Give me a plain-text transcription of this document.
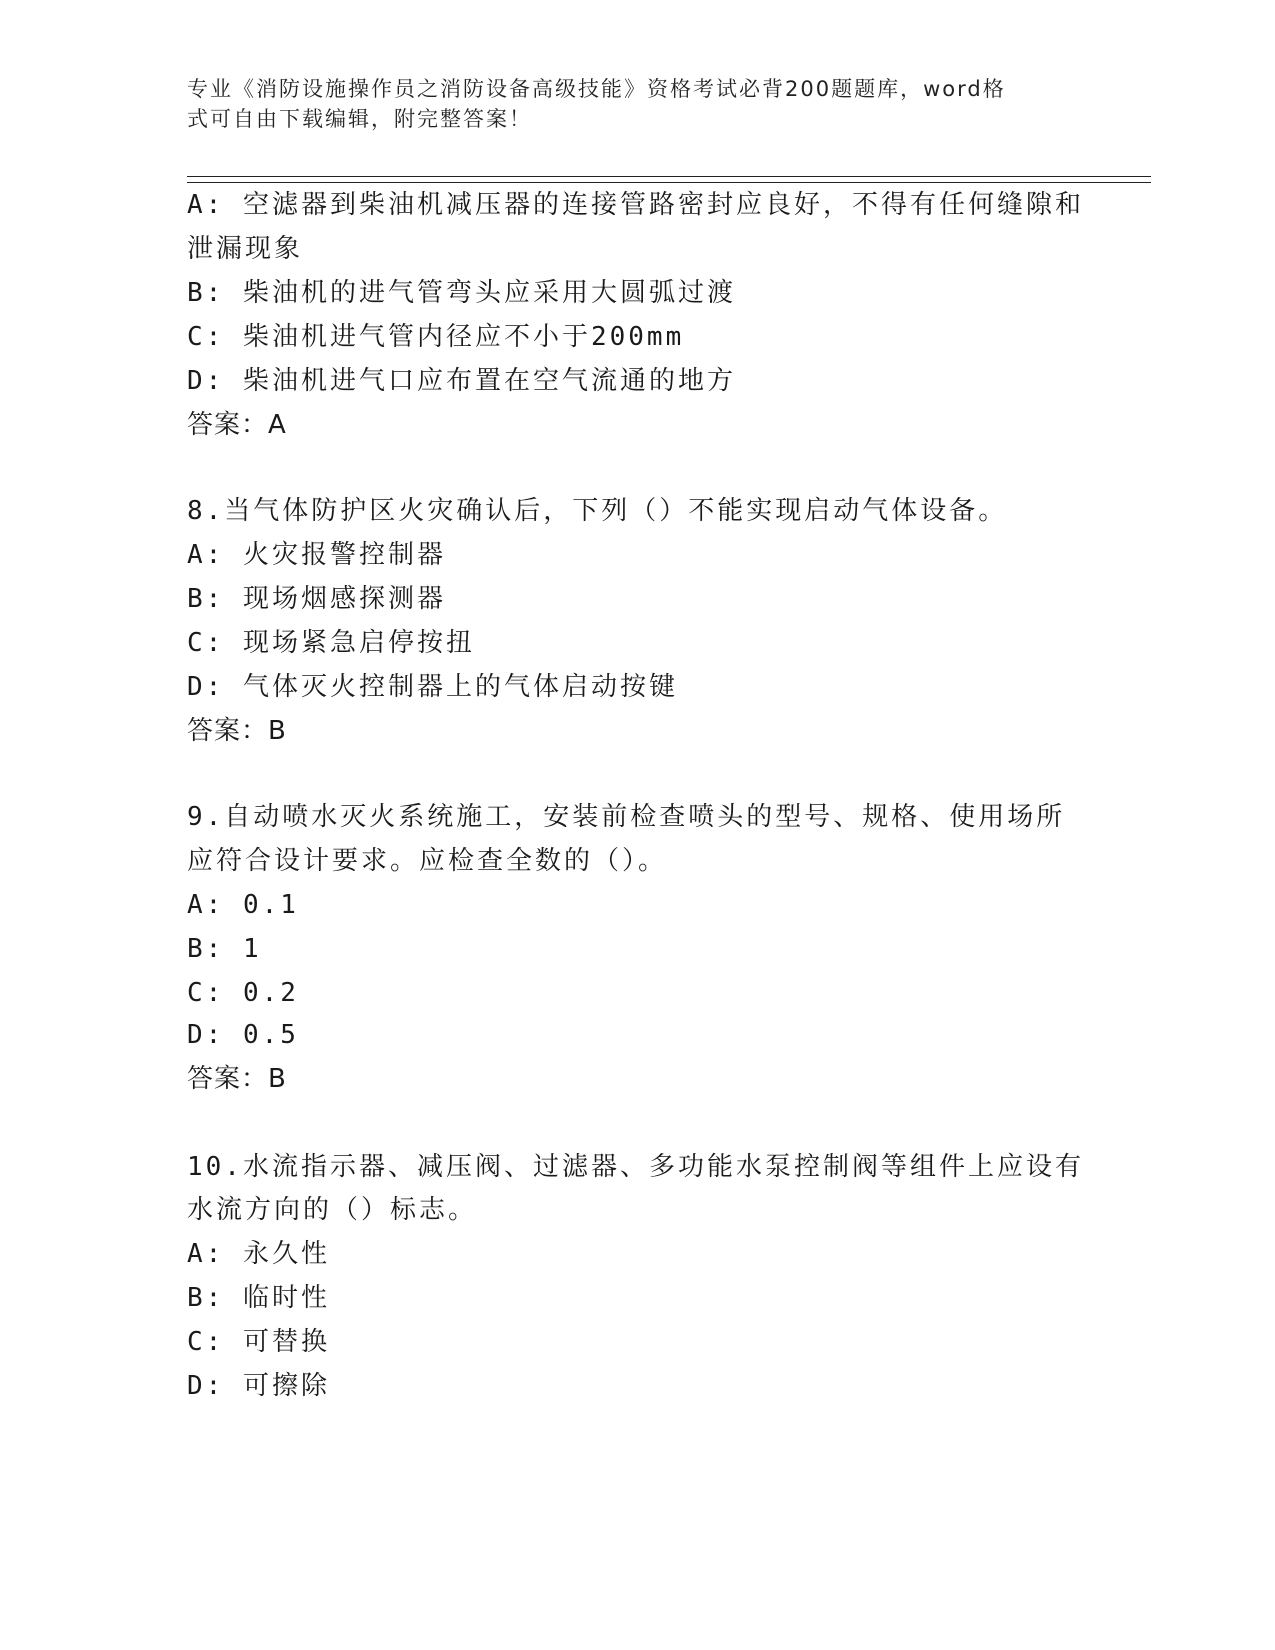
专业《消防设施操作员之消防设备高级技能》资格考试必背200题题库，word格
式可自由下载编辑，附完整答案！
A: 空滤器到柴油机减压器的连接管路密封应良好，不得有任何缝隙和
泄漏现象
B: 柴油机的进气管弯头应采用大圆弧过渡
C: 柴油机进气管内径应不小于200mm
D: 柴油机进气口应布置在空气流通的地方
答案：A
8.当气体防护区火灾确认后，下列（）不能实现启动气体设备。
A: 火灾报警控制器
B: 现场烟感探测器
C: 现场紧急启停按扭
D: 气体灭火控制器上的气体启动按键
答案：B
9.自动喷水灭火系统施工，安装前检查喷头的型号、规格、使用场所
应符合设计要求。应检查全数的（）。
A: 0.1
B: 1
C: 0.2
D: 0.5
答案：B
10.水流指示器、减压阀、过滤器、多功能水泵控制阀等组件上应设有
水流方向的（）标志。
A: 永久性
B: 临时性
C: 可替换
D: 可擦除
